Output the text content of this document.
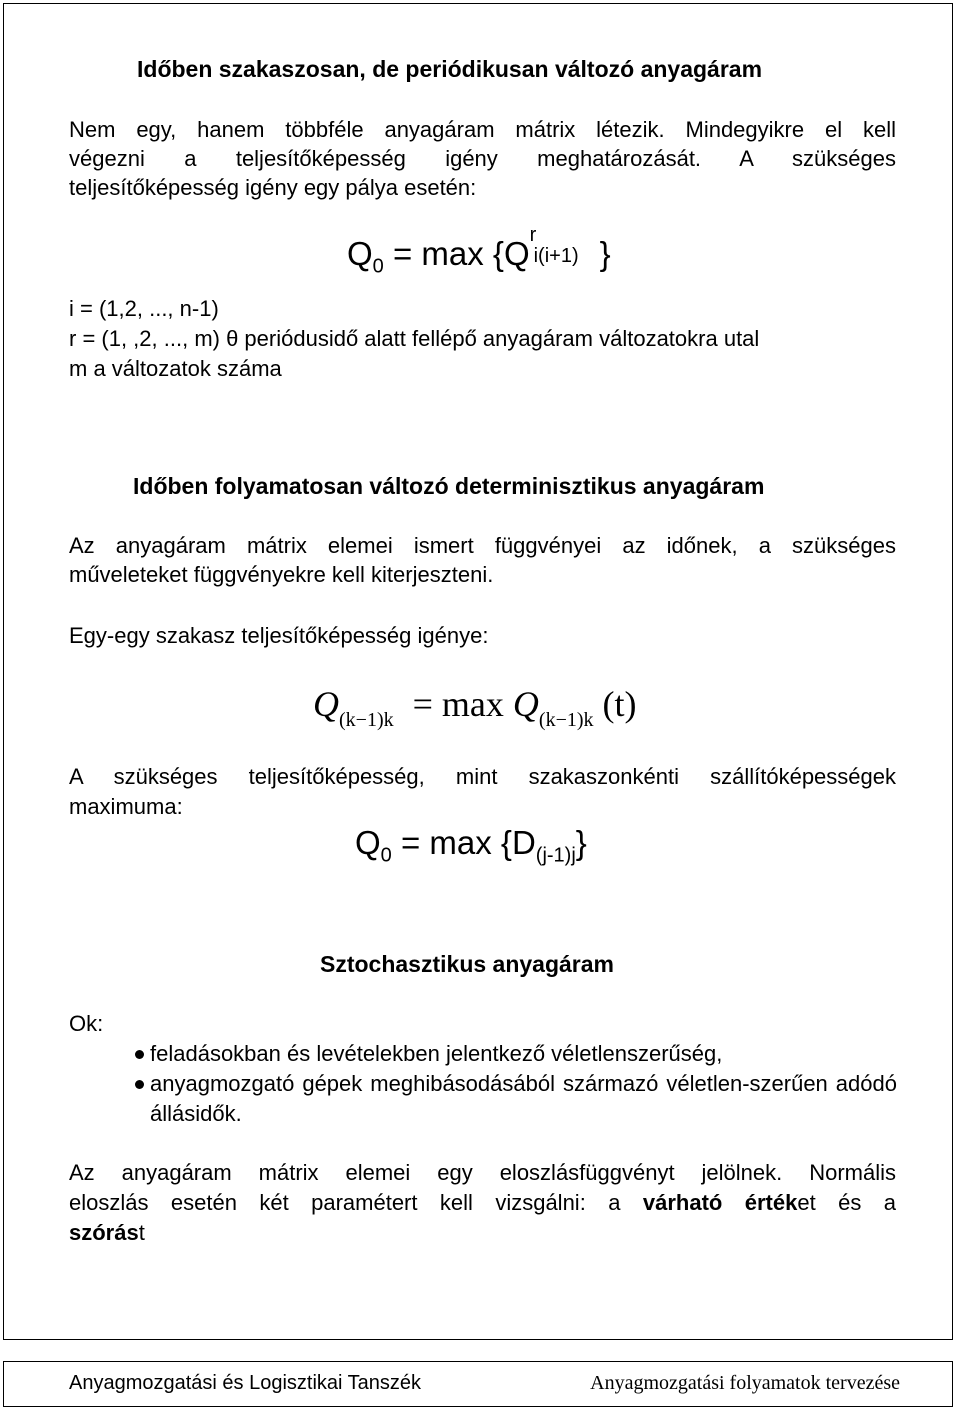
Időben szakaszosan, de periódikusan változó anyagáram
Nem egy, hanem többféle anyagáram mátrix létezik. Mindegyikre el kell
végezni a teljesítőképesség igény meghatározását. A szükséges
teljesítőképesség igény egy pálya esetén:
$Q_0 = \max \{Q$ r
i(i+1) }
i = (1,2, ..., n-1)
r = (1, ,2, ..., m) θ periódusidő alatt fellépő anyagáram változatokra utal
m a változatok száma
Időben folyamatosan változó determinisztikus anyagáram
Az anyagáram mátrix elemei ismert függvényei az időnek, a szükséges
műveleteket függvényekre kell kiterjeszteni.
Egy-egy szakasz teljesítőképesség igénye:
$Q_{(k-1)k} = \max Q_{(k-1)k}$ (t)
A szükséges teljesítőképesség, mint szakaszonkénti szállítóképességek
maximuma:
$Q_0 = \max \{D_{(j-1)j}\}$
Sztochasztikus anyagáram
Ok:
feladásokban és levételekben jelentkező véletlenszerűség,
anyagmozgató gépek meghibásodásából származó véletlen-szerűen adódó állásidők.
Az anyagáram mátrix elemei egy eloszlásfüggvényt jelölnek. Normális
eloszlás esetén két paramétert kell vizsgálni: a várható értéket és a
szórást
Anyagmozgatási és Logisztikai Tanszék	Anyagmozgatási folyamatok tervezése
